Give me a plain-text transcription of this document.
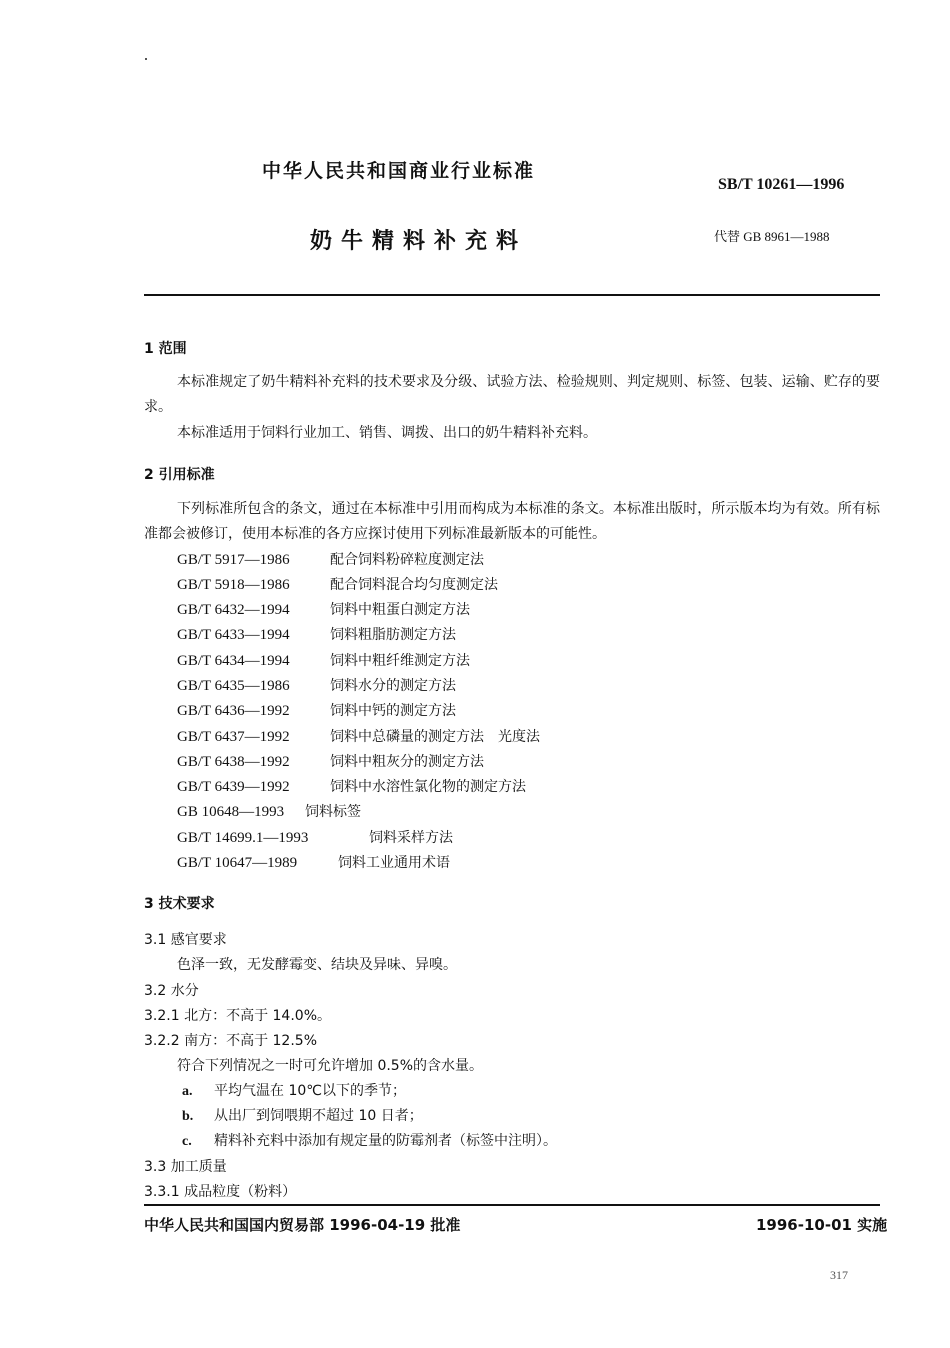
中华人民共和国商业行业标准
SB/T 10261—1996
奶牛精料补充料	代替 GB 8961—1988
1 范围
本标准规定了奶牛精料补充料的技术要求及分级、试验方法、检验规则、判定规则、标签、包装、运输、贮存的要求。
本标准适用于饲料行业加工、销售、调拨、出口的奶牛精料补充料。
2 引用标准
下列标准所包含的条文，通过在本标准中引用而构成为本标准的条文。本标准出版时，所示版本均为有效。所有标准都会被修订，使用本标准的各方应探讨使用下列标准最新版本的可能性。
GB/T 5917—1986	配合饲料粉碎粒度测定法
GB/T 5918—1986	配合饲料混合均匀度测定法
GB/T 6432—1994	饲料中粗蛋白测定方法
GB/T 6433—1994	饲料粗脂肪测定方法
GB/T 6434—1994	饲料中粗纤维测定方法
GB/T 6435—1986	饲料水分的测定方法
GB/T 6436—1992	饲料中钙的测定方法
GB/T 6437—1992	饲料中总磷量的测定方法　光度法
GB/T 6438—1992	饲料中粗灰分的测定方法
GB/T 6439—1992	饲料中水溶性氯化物的测定方法
GB 10648—1993 饲料标签
GB/T 14699.1—1993	饲料采样方法
GB/T 10647—1989	饲料工业通用术语
3 技术要求
3.1 感官要求
色泽一致，无发酵霉变、结块及异味、异嗅。
3.2 水分
3.2.1 北方：不高于 14.0%。
3.2.2 南方：不高于 12.5%
符合下列情况之一时可允许增加 0.5%的含水量。
a. 平均气温在 10℃以下的季节；
b. 从出厂到饲喂期不超过 10 日者；
c. 精料补充料中添加有规定量的防霉剂者（标签中注明）。
3.3 加工质量
3.3.1 成品粒度（粉料）
中华人民共和国国内贸易部 1996-04-19 批准	1996-10-01 实施
317
